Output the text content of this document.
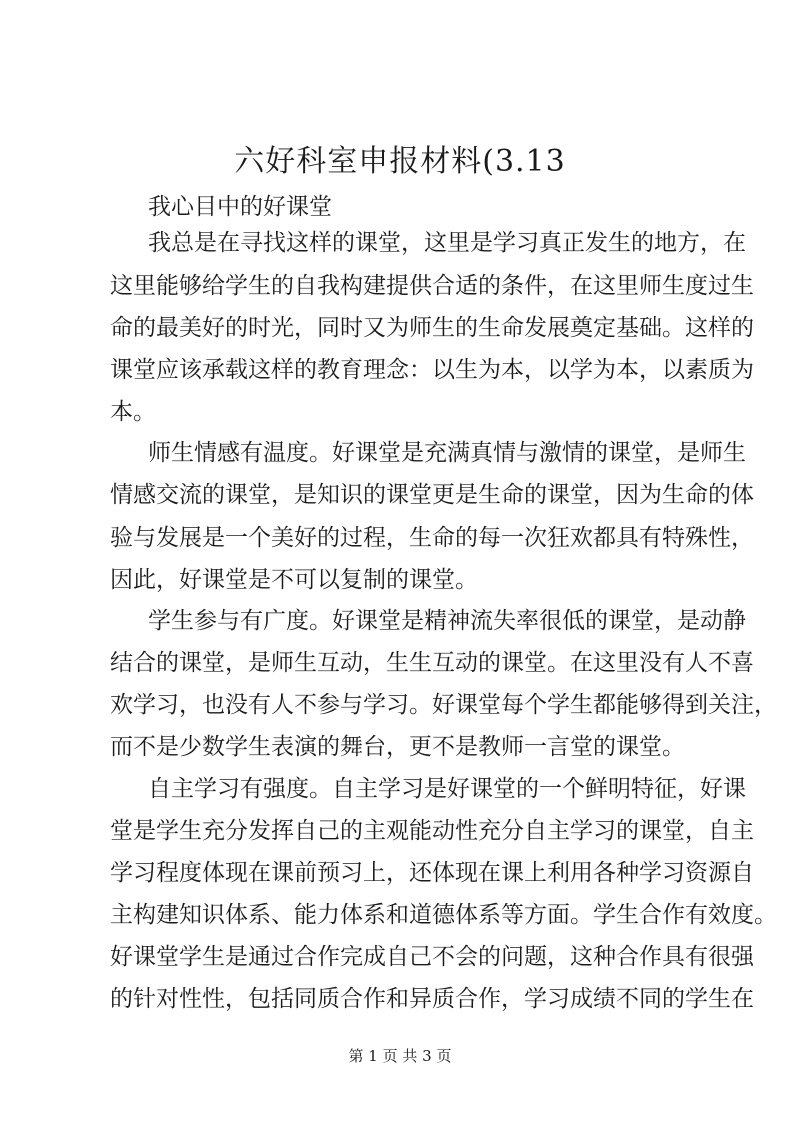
六好科室申报材料(3.13
我心目中的好课堂
我总是在寻找这样的课堂，这里是学习真正发生的地方，在
这里能够给学生的自我构建提供合适的条件，在这里师生度过生
命的最美好的时光，同时又为师生的生命发展奠定基础。这样的
课堂应该承载这样的教育理念：以生为本，以学为本，以素质为
本。
师生情感有温度。好课堂是充满真情与激情的课堂，是师生
情感交流的课堂，是知识的课堂更是生命的课堂，因为生命的体
验与发展是一个美好的过程，生命的每一次狂欢都具有特殊性，
因此，好课堂是不可以复制的课堂。
学生参与有广度。好课堂是精神流失率很低的课堂，是动静
结合的课堂，是师生互动，生生互动的课堂。在这里没有人不喜
欢学习，也没有人不参与学习。好课堂每个学生都能够得到关注，
而不是少数学生表演的舞台，更不是教师一言堂的课堂。
自主学习有强度。自主学习是好课堂的一个鲜明特征，好课
堂是学生充分发挥自己的主观能动性充分自主学习的课堂，自主
学习程度体现在课前预习上，还体现在课上利用各种学习资源自
主构建知识体系、能力体系和道德体系等方面。学生合作有效度。
好课堂学生是通过合作完成自己不会的问题，这种合作具有很强
的针对性性，包括同质合作和异质合作，学习成绩不同的学生在
第 1 页 共 3 页
